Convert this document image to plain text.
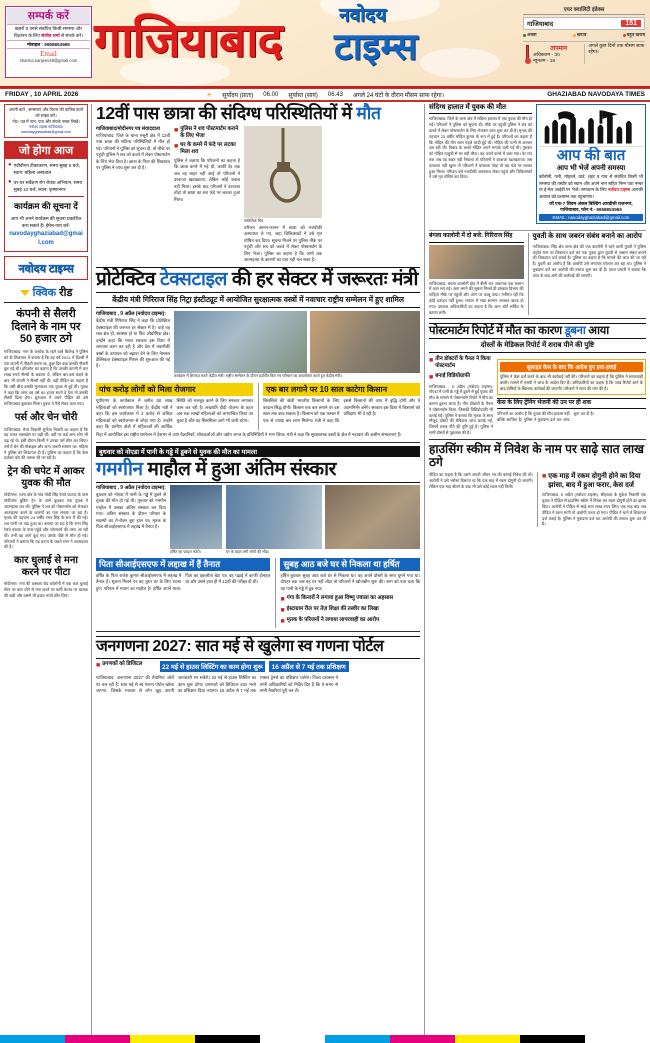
सम्पर्क करें
खबरों व उनसे संबंधित किसी समस्या और विज्ञापन के लिए संजीव शर्मा से संपर्क करें।
मोबाइल : 9958853965
Email
sharma.sanjeev48@gmail.com गाजियाबाद	नवोदय
टाइम्स
एयर क्वालिटी इंडेक्स
गाजियाबाद	151
अच्छा	खराब	बहुत खराब
तापमान
अधिकतम - 30
न्यूनतम - 18
अगले कुछ दिनों तक मौसम साफ रहेगा।
FRIDAY , 10 APRIL 2026	☀ सूर्योदय (प्रातः) 06.00 सूर्यास्त (सायं) 06.43 अगले 24 घंटों के दौरान मौसम साफ रहेगा।	GHAZIABAD NAVODAYA TIMES
अपनी बातें , समस्याएं और विचार की वाजिब बातों को सांझा करें।
नोट- पत्र में नाम, पता और संपर्क नम्बर लिखें।
नवोदय टाइम्स गाजियाबाद navodayghaziabad@gmail.com
जो होगा आज
● एवीवीएन टीकाकरण, समय सुबह 9 बजे, स्थान: महिला अस्पताल
● घर-घर सर्वेक्षण रोग रोधक अभियान, समय सुबह 10 बजे, स्थान: कृष्णानगर
कार्यक्रम की सूचना दें
आप भी अपने कार्यक्रम की सूचना प्रकाशित करा सकते हैं। ईमेल-पता करें-
navodayghaziabad@gmail.com
नवोदय टाइम्स
क्विक रीड
कंपनी से सैलरी दिलाने के नाम पर 50 हजार ठगे
गाजियाबाद: नगर के अशोक के रहने वाले बिजेन्द्र ने पुलिस को दी शिकायत में बताया है कि वह वर्ष 2021 में दिल्ली में एक कंपनी में नौकरी करता था, कुछ दिन बाद उसकी नौकरी छूट गई थी। हरिओम का कहना है कि उसकी कंपनी में चार लाख रुपये सैलरी के बकाया थे, लेकिन बार-बार कहने के बाद भी कंपनी ने सैलरी नहीं दी। वहीं पीड़ित का कहना है कि उसी बीच उसकी मुलाकात एक युवक से हुई थी। युवक ने कहा कि अगर वह उसे 50 हजार रुपये दे देगा तो उसकी सैलरी दिला देगा। शुरुआत में उसने पीड़ित को उसे गाजियाबाद बुलाकर मिला। युवक ने पैसे लेकर चला गया।
पर्स और चेन चोरी
गाजियाबाद: मेरठ निवासी सुनीता तिवारी का कहना है कि वह भारत एक्सप्रेस पर चढ़ी थीं। वहीं पर कई अन्य लोग भी चढ़ रहे थे। इसी दौरान किसी ने उनका पर्स छीन कर लिया। पर्स में चेन की मोबाइल और अन्य जरूरी सामान था। महिला ने पुलिस को शिकायत दी है। पुलिस का कहना है कि केस दर्जकर चोर की तलाश की जा रही है।
ट्रेन की चपेट में आकर युवक की मौत
मोदीनगर: थाना क्षेत्र के गांव मोदी सिंह रेलवे फाटक के पास मोदीनगर बुकिंग ट्रेन के आगे कूदकर एक युवक ने आत्महत्या कर ली। पुलिस ने शव को पोस्टमार्टम को भेजकर आत्महत्या करने के कारणों का पता लगाया जा रहा है। मृतक की पहचान 24 वर्षीय रमन सिंह के रूप में की गई। शव पटरी पर पड़ा हुआ था। बताया जा रहा है कि रमन सिंह रेलवे फाटक के पास पहुंचे और प्लेटफार्म की तरफ आ रही थी। तभी वह आगे कूद गए। उसके पीछे से मौत हो गई। परिजनों ने बताया कि यह घटना के चलते रमन ने आत्महत्या की है।
कार धुलाई से मना करने पर पीटा
मोदीनगर: गंगा की कस्बाय रोड कॉलोनी में एक कार धुलाई सेंटर पर कार धोने से मना करने पर कर्मी केशव पर चालक की कही और उससे भी हजार रुपये छीन लिए।
12वीं पास छात्रा की संदिग्ध परिस्थितियों में मौत
गाजियाबाद/मोदीनगर पत्र संवाददाता
गाजियाबाद: जिले के थाना मसूरी क्षेत्र में 12वीं पास छात्रा की संदिग्ध परिस्थितियों में मौत हो गई। परिजनों ने पुलिस को सूचना दी, तो मौके पर पहुंची पुलिस ने शव को कब्जे में लेकर पोस्टमार्टम के लिए भेज दिया है। छात्रा के पिता की शिकायत पर पुलिस ने जांच शुरू कर दी है।
■ पुलिस ने शव पोस्टमार्टम कराने के लिए भेजा
■ घर के कमरे में फंदे पर लटका मिला शव
पुलिस ने बताया कि परिजनों का कहना है कि छात्रा कमरे में गई थी, काफी देर तक जब वह बाहर नहीं आई तो परिजनों ने दरवाजा खटखटाया, लेकिन कोई जवाब नहीं मिला। इसके बाद परिजनों ने दरवाजा तोड़ा तो छात्रा का शव फंदे पर लटका हुआ मिला।
सांकेतिक चित्र
परिजन आनन-फानन में छात्रा को नजदीकी अस्पताल ले गए, जहां चिकित्सकों ने उसे मृत घोषित कर दिया। सूचना मिलने पर पुलिस मौके पर पहुंची और शव को कब्जे में लेकर पोस्टमार्टम के लिए भेजा। पुलिस का कहना है कि अभी तक आत्महत्या के कारणों का पता नहीं चल सका है।
प्रोटेक्टिव टेक्सटाइल की हर सेक्टर में जरूरतः मंत्री
केंद्रीय मंत्री गिरिराज सिंह निट्रा इंस्टीट्यूट में आयोजित सुरक्षात्मक वस्त्रों में नवाचार राष्ट्रीय सम्मेलन में हुए शामिल
गाजियाबाद , 9 अप्रैल (नवोदय टाइम्स):
केंद्रीय मंत्री गिरिराज सिंह ने कहा कि प्रोटेक्टिव टेक्सटाइल की जरूरत हर सेक्टर में है। चाहे वह रक्षा क्षेत्र हो, स्वास्थ्य हो या फिर औद्योगिक क्षेत्र। उन्होंने कहा कि भारत सरकार इस दिशा में लगातार काम कर रही है और देश में तकनीकी वस्त्रों के उत्पादन को बढ़ावा देने के लिए नेशनल टेक्निकल टेक्सटाइल मिशन की शुरुआत की गई है।
कार्यक्रम में शिरकत करते केंद्रीय मंत्री। राष्ट्रीय सम्मेलन के दौरान प्रदर्शित किए गए परिधान का अवलोकन करते हुए केंद्रीय मंत्री।
पांच करोड़ लोगों को मिला रोजगार
यूपीएमए के कार्यकाल में करीब 50 लाख महिलाओं को स्वरोजगार मिला है। केंद्रीय मंत्री ने कहा कि इस कार्यकाल में 2 करोड़ से अधिक महिलाओं को स्वरोजगार से जोड़ा गया है। उन्होंने कहा कि ग्रामीण क्षेत्रों में महिलाओं की आर्थिक स्थिति को मजबूत करने के लिए सरकार लगातार काम कर रही है। लखपति दीदी योजना के तहत अब तक लाखों महिलाओं को लाभान्वित किया जा चुका है और यह सिलसिला आगे भी जारी रहेगा।
एक बार लगाने पर 10 साल काटेगा किसान
सिलसिले की खेती भारतीय किसानों के लिए वरदान सिद्ध होगी। किसान एक बार लगाने पर दस साल तक काट सकता है। किसान को एक फसल में एक से ज्यादा बार लाभ मिलेगा। मंत्री ने कहा कि इससे किसानों की आय में वृद्धि होगी और वे आत्मनिर्भर बनेंगे। सरकार इस दिशा में किसानों को प्रशिक्षण भी दे रही है।
निट्रा में आयोजित इस राष्ट्रीय सम्मेलन में देशभर से आए वैज्ञानिकों, शोधकर्ताओं और उद्योग जगत के प्रतिनिधियों ने भाग लिया। मंत्री ने कहा कि सुरक्षात्मक वस्त्रों के क्षेत्र में नवाचार की असीम संभावनाएं हैं।
बुधवार को नोएडा में पानी के गड्ढे में डूबने से युवक की मौत का मामला
गमगीन माहौल में हुआ अंतिम संस्कार
गाजियाबाद , 9 अप्रैल (नवोदय टाइम्स):
बुधवार को नोएडा में पानी के गड्ढे में डूबने से युवक की मौत हो गई थी। गुरुवार को गमगीन माहौल में उसका अंतिम संस्कार कर दिया गया। अंतिम संस्कार के दौरान परिवार के सदस्यों का रो-रोकर बुरा हाल था। मृतक के पिता सीआईएसएफ में लद्दाख में तैनात हैं।
हर्षित का फाइल फोटो।	घर के बाहर लगी लोगों की भीड़।
पिता सीआईएसएफ में लद्दाख में हैं तैनात
हर्षित के पिता राजेश कुमार सीआईएसएफ में लद्दाख में तैनात हैं। सूचना मिलने पर वह तुरंत घर के लिए रवाना हुए। परिवार में मातम का माहौल है। हर्षित अपने माता-पिता का इकलौता बेटा था। वह पढ़ाई में काफी होनहार था और उसने हाल ही में 12वीं की परीक्षा दी थी।
सुबह आठ बजे घर से निकला था हर्षित
हर्षित बुधवार सुबह आठ बजे घर से निकला था। वह अपने दोस्तों के साथ घूमने गया था। दोपहर तक जब वह घर नहीं लौटा तो परिजनों ने खोजबीन शुरू की। शाम को पता चला कि वह पानी के गड्ढे में डूब गया।
■ गंगा के किनारों ने लगाया हुआ विष्णु ज्वाला का अहसास
■ इंस्टाग्राम रील पर तेज़ शिक्षा की तस्वीर का लिखा
■ मृतक के परिजनों ने लगाया लापरवाही का आरोप
जनगणना 2027: सात मई से खुलेगा स्व गणना पोर्टल
■ प्रगणकों को डिजिटल	22 मई से हाउस लिस्टिंग का काम होगा शुरू	16 अप्रैल से 7 मई तक प्रशिक्षण
गाजियाबाद: जनगणना 2027 की तैयारियां जोरों पर चल रही हैं। सात मई से स्व गणना पोर्टल खोला जाएगा, जिसके माध्यम से लोग खुद अपनी जानकारी भर सकेंगे। 22 मई से हाउस लिस्टिंग का काम शुरू होगा। प्रगणकों को डिजिटल डाटा भरने का प्रशिक्षण दिया जाएगा। 16 अप्रैल से 7 मई तक मास्टर ट्रेनर्स का प्रशिक्षण चलेगा। जिला प्रशासन ने सभी अधिकारियों को निर्देश दिए हैं कि वे समय से सभी तैयारियां पूरी कर लें।
संदिग्ध हालात में युवक की मौत
गाजियाबाद: जिले के थाना क्षेत्र में संदिग्ध हालात में एक युवक की मौत हो गई। परिजनों ने पुलिस को सूचना दी। मौके पर पहुंची पुलिस ने शव को कब्जे में लेकर पोस्टमार्टम के लिए भेजकर जांच शुरू कर दी है। मृतक की पहचान 23 वर्षीय मोहित कुमार के रूप में हुई है। परिजनों का कहना है कि मोहित की तीन साल पहले शादी हुई थी। मोहित की पत्नी से अनबन चल रही थी। विवाद के चलते मोहित अपने मायके चली गई थी। गुरुवार को मोहित ठाकुरी से घर नहीं लौटा। वह अपने कमरे में चला गया। देर रात तक जब वह बाहर नहीं निकला तो परिजनों ने दरवाजा खटखटाया। जब दरवाजा नहीं खुला तो परिजनों ने दरवाजा तोड़ा तो वह फंदे पर लटका हुआ मिला। परिजन उसे नजदीकी अस्पताल लेकर पहुंचे और चिकित्सकों ने उसे मृत घोषित कर दिया।
आप की बात
आप भी भेजें अपनी समस्या
कॉलोनी, गली, मोहल्ले, वार्ड, शहर व गांव से संबंधित किसी भी समस्या की तस्वीर को स्थान और अपने नाम सहित निम्न पता नम्बर या ई-मेल आईडी पर भेजें। समाधान के लिए नवोदय टाइम्स आपकी आवाज को प्रशासन तक पहुंचाएगा।
जी एफ-7 शिवम अंसल बिल्डिंग आरडीसी राजनगर, गाजियाबाद, फोन नं.- 9958853965
EMAIL: navodayghaziabad@gmail.com
बंगला कालोनी में दो बजे: गिरिराज सिंह
गाजियाबाद: बंगला कालोनी क्षेत्र में बीती रात अचानक एक मकान में आग लग गई। आग लगने की सूचना मिलते ही दमकल विभाग की गाड़ियां मौके पर पहुंचीं और आग पर काबू पाया। गनीमत रही कि कोई हताहत नहीं हुआ। मकान में रखा सामान जलकर खाक हो गया। दमकल अधिकारियों का कहना है कि आग शॉर्ट सर्किट के कारण लगी।
युवती के साथ जबरन संबंध बनाने का आरोप
गाजियाबाद: सिंह क्षेत्र थाना क्षेत्र की एक कालोनी में रहने वाली युवती ने पुलिस कंट्रोल रूम पर शिकायत दर्ज कर एक युवक द्वारा युवती से जबरन संबंध बनाने की शिकायत दर्ज कराई है। पुलिस का कहना है कि मामले की जांच की जा रही है। युवती का आरोप है कि आरोपी उसे लगातार परेशान कर रहा था। पुलिस ने मुकदमा दर्ज कर आरोपी की तलाश शुरू कर दी है। थाना प्रभारी ने बताया कि जांच के बाद आगे की कार्रवाई की जाएगी।
पोस्टमार्टम रिपोर्ट में मौत का कारण डूबना आया
दोस्तों के मेडिकल रिपोर्ट में शराब पीने की पुष्टि
■ तीन डॉक्टरों के पैनल ने किया पोस्टमार्टम
■ बनाई विडियोग्राफी
गाजियाबाद , 9 अप्रैल (नवोदय टाइम्स): नोएडा में पानी के गड्ढे में डूबने से हुई युवक की मौत के मामले में पोस्टमार्टम रिपोर्ट में मौत का कारण डूबना आया है। तीन डॉक्टरों के पैनल ने पोस्टमार्टम किया, जिसकी विडियोग्राफी भी कराई गई। पुलिस ने बताया कि मृतक के साथ मौजूद दोस्तों की मेडिकल जांच कराई गई, जिसमें शराब पीने की पुष्टि हुई है। पुलिस ने सभी दोस्तों से पूछताछ की है।
सुसाइड केस के बाद कि आदेश हुए हवा-हवाई
पुलिस ने केस दर्ज करने के बाद भी कार्रवाई नहीं की। परिजनों का कहना है कि पुलिस ने लापरवाही बरती। मामले में एसपी ने जांच के आदेश दिए हैं। अधिकारियों का कहना है कि जांच रिपोर्ट आने के बाद दोषियों के खिलाफ कार्रवाई की जाएगी। परिजनों ने न्याय की मांग की है।
केस के लिए ट्रेनिंग भेजनी की उन पर ही शक
परिजनों का आरोप है कि युवक की मौत हादसा नहीं बल्कि साजिश है। पुलिस ने मुकदमा दर्ज कर जांच शुरू कर दी है।
हाउसिंग स्कीम में निवेश के नाम पर साढ़े सात लाख ठगे
पीड़ित का कहना है कि उसने अपनी जीवन भर की कमाई निवेश की थी। आरोपी ने उसे भरोसा दिलाया था कि एक माह में रकम दोगुनी हो जाएगी। लेकिन एक माह बीतने के बाद भी उसे कोई रकम नहीं मिली।
■ एक माह में रकम दोगुनी होने का दिया झांसा, बाद में हुआ फरार, केस दर्ज
गाजियाबाद, 9 अप्रैल (नवोदय टाइम्स): सीहावल के मुकेश निवासी एक युवक ने पीड़ित से हाउसिंग स्कीम में निवेश कर रकम दोगुनी होने का झांसा दिया। आरोपी ने पीड़ित से साढ़े सात लाख रुपए लिए। एक माह बाद जब पीड़ित ने रकम मांगी तो आरोपी फरार हो गया। पीड़ित ने थाने में शिकायत दर्ज कराई है। पुलिस ने मुकदमा दर्ज कर आरोपी की तलाश शुरू कर दी है।
